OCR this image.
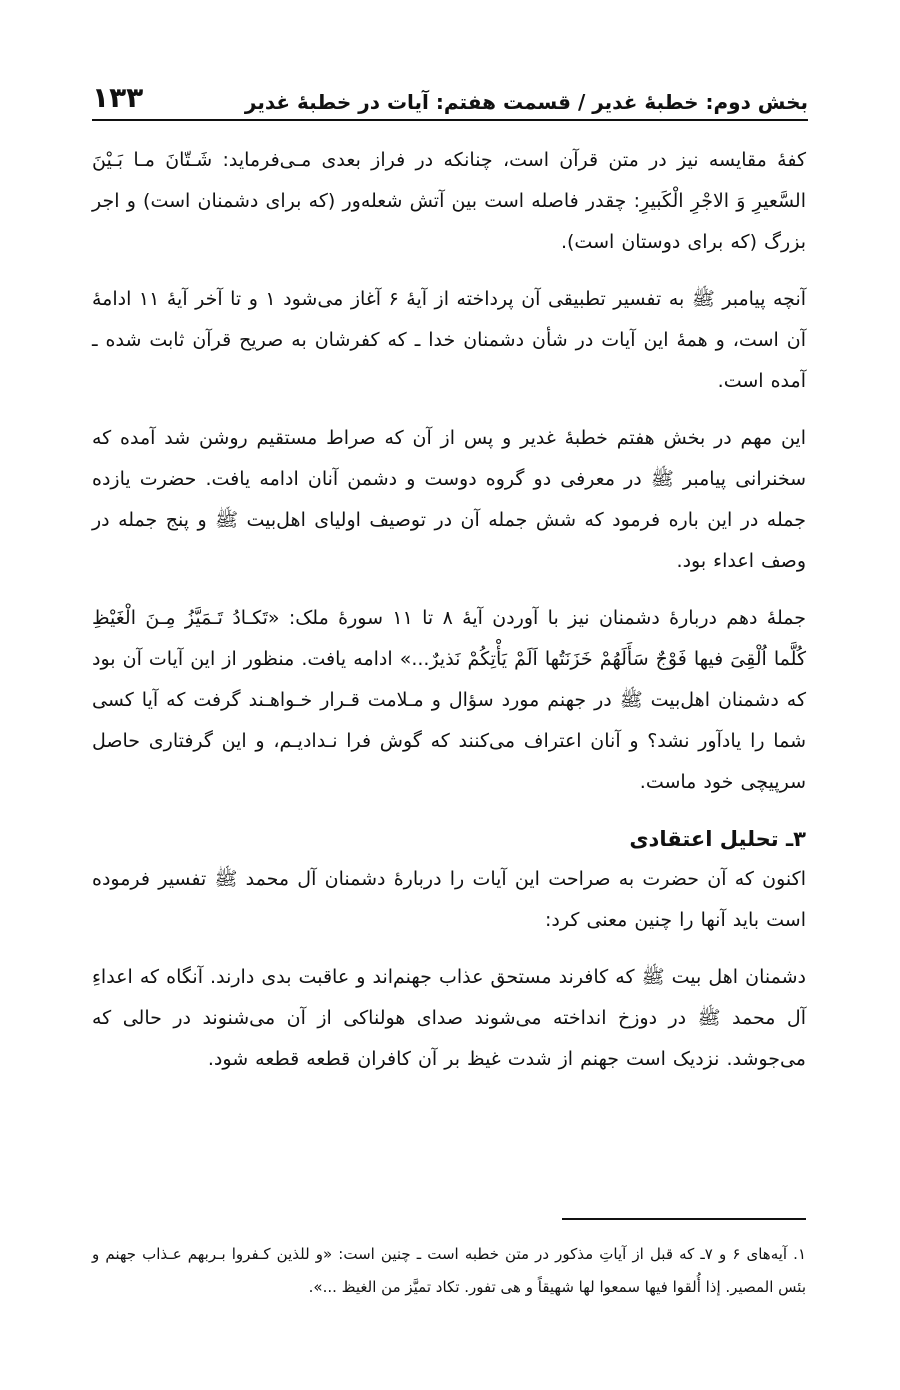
بخش دوم: خطبهٔ غدیر / قسمت هفتم: آیات در خطبهٔ غدیر
۱۳۳

کفهٔ مقایسه نیز در متن قرآن است، چنانکه در فراز بعدی مـی‌فرماید: شَـتّانَ مـا بَـیْنَ السَّعیرِ وَ الاجْرِ الْکَبیرِ: چقدر فاصله است بین آتش شعله‌ور (که برای دشمنان است) و اجر بزرگ (که برای دوستان است).

آنچه پیامبر ﷺ به تفسیر تطبیقی آن پرداخته از آیهٔ ۶ آغاز می‌شود ۱ و تا آخر آیهٔ ۱۱ ادامهٔ آن است، و همهٔ این آیات در شأن دشمنان خدا ـ که کفرشان به صریح قرآن ثابت شده ـ آمده است.

این مهم در بخش هفتم خطبهٔ غدیر و پس از آن که صراط مستقیم روشن شد آمده که سخنرانی پیامبر ﷺ در معرفی دو گروه دوست و دشمن آنان ادامه یافت. حضرت یازده جمله در این باره فرمود که شش جمله آن در توصیف اولیای اهل‌بیت ﷺ و پنج جمله در وصف اعداء بود.

جملهٔ دهم دربارهٔ دشمنان نیز با آوردن آیهٔ ۸ تا ۱۱ سورهٔ ملک: «تَکـادُ تَـمَیَّزُ مِـنَ الْغَیْظِ کُلَّما اُلْقِیَ فیها فَوْجٌ سَأَلَهُمْ خَزَنَتُها اَلَمْ یَأْتِکُمْ نَذیرٌ...» ادامه یافت. منظور از این آیات آن بود که دشمنان اهل‌بیت ﷺ در جهنم مورد سؤال و مـلامت قـرار خـواهـند گرفت که آیا کسی شما را یادآور نشد؟ و آنان اعتراف می‌کنند که گوش فرا نـدادیـم، و این گرفتاری حاصل سرپیچی خود ماست.

۳ـ تحلیل اعتقادی

اکنون که آن حضرت به صراحت این آیات را دربارهٔ دشمنان آل محمد ﷺ تفسیر فرموده است باید آنها را چنین معنی کرد:

دشمنان اهل بیت ﷺ که کافرند مستحق عذاب جهنم‌اند و عاقبت بدی دارند. آنگاه که اعداءِ آل محمد ﷺ در دوزخ انداخته می‌شوند صدای هولناکی از آن می‌شنوند در حالی که می‌جوشد. نزدیک است جهنم از شدت غیظ بر آن کافران قطعه قطعه شود.

۱. آیه‌های ۶ و ۷ـ که قبل از آیاتِ مذکور در متن خطبه است ـ چنین است: «و للذین کـفروا بـربهم عـذاب جهنم و بئس المصیر. إذا أُلقوا فیها سمعوا لها شهیقاً و هی تفور. تکاد تمیَّز من الغیظ ...».
